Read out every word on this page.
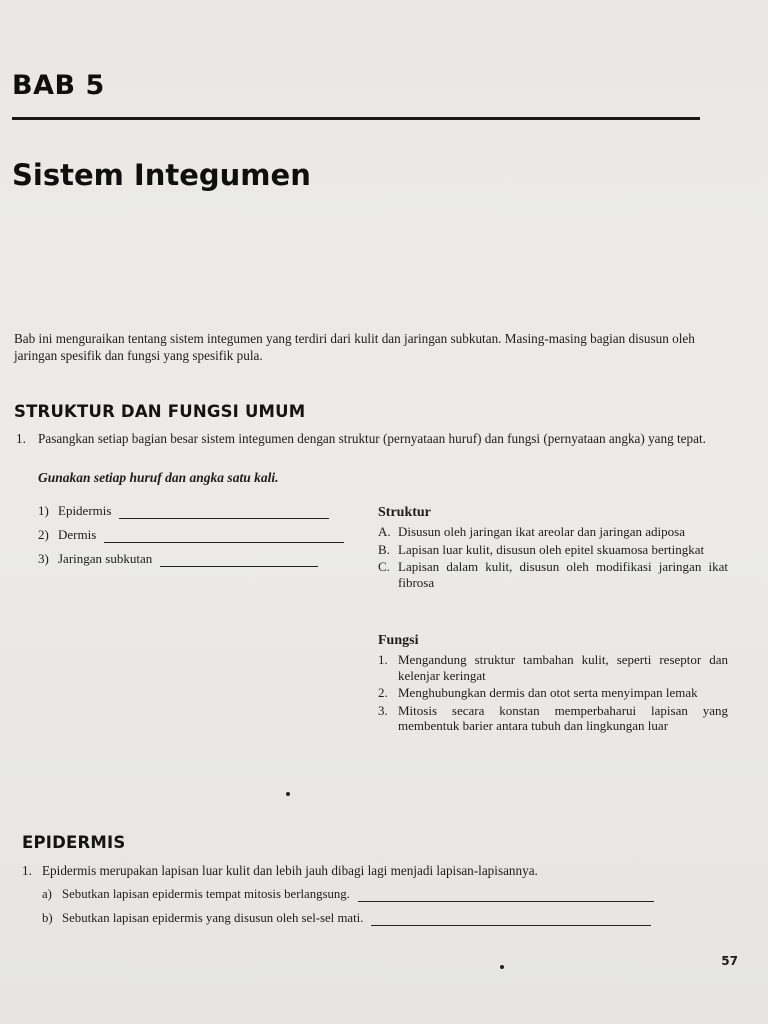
BAB 5
Sistem Integumen

Bab ini menguraikan tentang sistem integumen yang terdiri dari kulit dan jaringan subkutan. Masing-masing bagian disusun oleh jaringan spesifik dan fungsi yang spesifik pula.

STRUKTUR DAN FUNGSI UMUM
1. Pasangkan setiap bagian besar sistem integumen dengan struktur (pernyataan huruf) dan fungsi (pernyataan angka) yang tepat.

Gunakan setiap huruf dan angka satu kali.

1) Epidermis
2) Dermis
3) Jaringan subkutan

Struktur

A. Disusun oleh jaringan ikat areolar dan jaringan adiposa
B. Lapisan luar kulit, disusun oleh epitel skuamosa bertingkat
C. Lapisan dalam kulit, disusun oleh modifikasi jaringan ikat fibrosa

Fungsi

1. Mengandung struktur tambahan kulit, seperti reseptor dan kelenjar keringat
2. Menghubungkan dermis dan otot serta menyimpan lemak
3. Mitosis secara konstan memperbaharui lapisan yang membentuk barier antara tubuh dan lingkungan luar
EPIDERMIS
1. Epidermis merupakan lapisan luar kulit dan lebih jauh dibagi lagi menjadi lapisan-lapisannya.

a) Sebutkan lapisan epidermis tempat mitosis berlangsung.
b) Sebutkan lapisan epidermis yang disusun oleh sel-sel mati.
57
